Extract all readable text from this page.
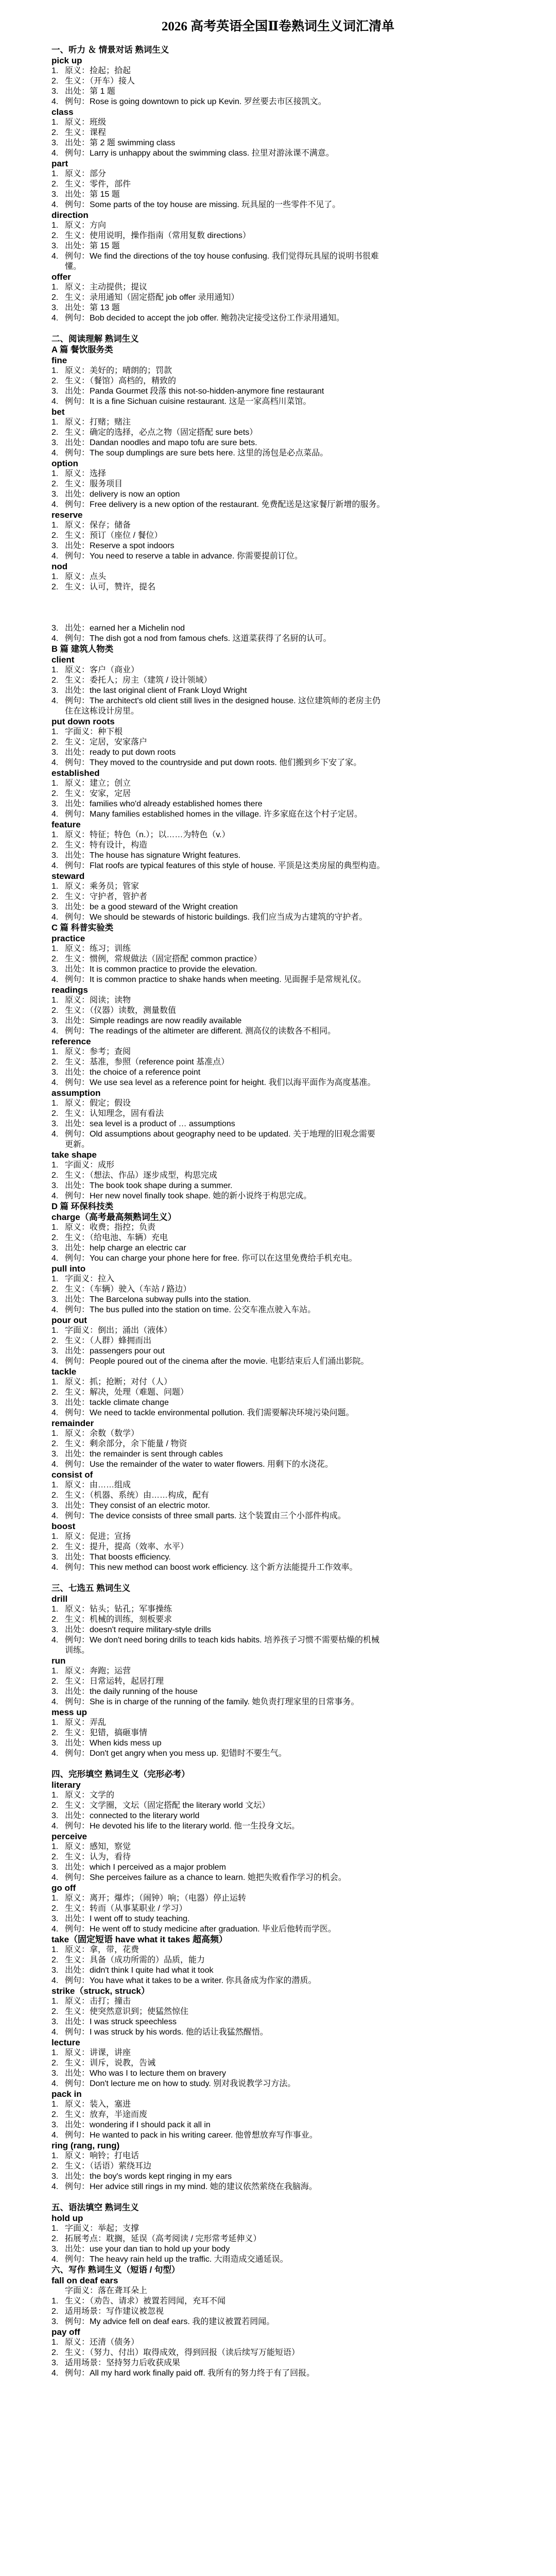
2026 高考英语全国Ⅱ卷熟词生义词汇清单
一、听力 ＆ 情景对话 熟词生义
pick up
1. 原义：捡起；拾起
2. 生义：（开车）接人
3. 出处：第 1 题
4. 例句：Rose is going downtown to pick up Kevin. 罗丝要去市区接凯文。
class
1. 原义：班级
2. 生义：课程
3. 出处：第 2 题 swimming class
4. 例句：Larry is unhappy about the swimming class. 拉里对游泳课不满意。
part
1. 原义：部分
2. 生义：零件，部件
3. 出处：第 15 题
4. 例句：Some parts of the toy house are missing. 玩具屋的一些零件不见了。
direction
1. 原义：方向
2. 生义：使用说明，操作指南（常用复数 directions）
3. 出处：第 15 题
4. 例句：We find the directions of the toy house confusing. 我们觉得玩具屋的说明书很难
懂。
offer
1. 原义：主动提供；提议
2. 生义：录用通知（固定搭配 job offer 录用通知）
3. 出处：第 13 题
4. 例句：Bob decided to accept the job offer. 鲍勃决定接受这份工作录用通知。
二、阅读理解 熟词生义
A 篇 餐饮服务类
fine
1. 原义：美好的；晴朗的；罚款
2. 生义：（餐馆）高档的，精致的
3. 出处：Panda Gourmet 段落 this not-so-hidden-anymore fine restaurant
4. 例句：It is a fine Sichuan cuisine restaurant. 这是一家高档川菜馆。
bet
1. 原义：打赌；赌注
2. 生义：确定的选择，必点之物（固定搭配 sure bets）
3. 出处：Dandan noodles and mapo tofu are sure bets.
4. 例句：The soup dumplings are sure bets here. 这里的汤包是必点菜品。
option
1. 原义：选择
2. 生义：服务项目
3. 出处：delivery is now an option
4. 例句：Free delivery is a new option of the restaurant. 免费配送是这家餐厅新增的服务。
reserve
1. 原义：保存；储备
2. 生义：预订（座位 / 餐位）
3. 出处：Reserve a spot indoors
4. 例句：You need to reserve a table in advance. 你需要提前订位。
nod
1. 原义：点头
2. 生义：认可，赞许，提名
3. 出处：earned her a Michelin nod
4. 例句：The dish got a nod from famous chefs. 这道菜获得了名厨的认可。
B 篇 建筑人物类
client
1. 原义：客户（商业）
2. 生义：委托人；房主（建筑 / 设计领域）
3. 出处：the last original client of Frank Lloyd Wright
4. 例句：The architect's old client still lives in the designed house. 这位建筑师的老房主仍
住在这栋设计房里。
put down roots
1. 字面义：种下根
2. 生义：定居，安家落户
3. 出处：ready to put down roots
4. 例句：They moved to the countryside and put down roots. 他们搬到乡下安了家。
established
1. 原义：建立；创立
2. 生义：安家，定居
3. 出处：families who'd already established homes there
4. 例句：Many families established homes in the village. 许多家庭在这个村子定居。
feature
1. 原义：特征；特色（n.）；以……为特色（v.）
2. 生义：特有设计，构造
3. 出处：The house has signature Wright features.
4. 例句：Flat roofs are typical features of this style of house. 平顶是这类房屋的典型构造。
steward
1. 原义：乘务员；管家
2. 生义：守护者，管护者
3. 出处：be a good steward of the Wright creation
4. 例句：We should be stewards of historic buildings. 我们应当成为古建筑的守护者。
C 篇 科普实验类
practice
1. 原义：练习；训练
2. 生义：惯例，常规做法（固定搭配 common practice）
3. 出处：It is common practice to provide the elevation.
4. 例句：It is common practice to shake hands when meeting. 见面握手是常规礼仪。
readings
1. 原义：阅读；读物
2. 生义：（仪器）读数，测量数值
3. 出处：Simple readings are now readily available
4. 例句：The readings of the altimeter are different. 测高仪的读数各不相同。
reference
1. 原义：参考；查阅
2. 生义：基准，参照（reference point 基准点）
3. 出处：the choice of a reference point
4. 例句：We use sea level as a reference point for height. 我们以海平面作为高度基准。
assumption
1. 原义：假定；假设
2. 生义：认知理念，固有看法
3. 出处：sea level is a product of … assumptions
4. 例句：Old assumptions about geography need to be updated. 关于地理的旧观念需要
更新。
take shape
1. 字面义：成形
2. 生义：（想法、作品）逐步成型，构思完成
3. 出处：The book took shape during a summer.
4. 例句：Her new novel finally took shape. 她的新小说终于构思完成。
D 篇 环保科技类
charge（高考最高频熟词生义）
1. 原义：收费；指控；负责
2. 生义：（给电池、车辆）充电
3. 出处：help charge an electric car
4. 例句：You can charge your phone here for free. 你可以在这里免费给手机充电。
pull into
1. 字面义：拉入
2. 生义：（车辆）驶入（车站 / 路边）
3. 出处：The Barcelona subway pulls into the station.
4. 例句：The bus pulled into the station on time. 公交车准点驶入车站。
pour out
1. 字面义：倒出；涌出（液体）
2. 生义：（人群）蜂拥而出
3. 出处：passengers pour out
4. 例句：People poured out of the cinema after the movie. 电影结束后人们涌出影院。
tackle
1. 原义：抓；抢断；对付（人）
2. 生义：解决，处理（难题、问题）
3. 出处：tackle climate change
4. 例句：We need to tackle environmental pollution. 我们需要解决环境污染问题。
remainder
1. 原义：余数（数学）
2. 生义：剩余部分，余下能量 / 物资
3. 出处：the remainder is sent through cables
4. 例句：Use the remainder of the water to water flowers. 用剩下的水浇花。
consist of
1. 原义：由……组成
2. 生义：（机器、系统）由……构成，配有
3. 出处：They consist of an electric motor.
4. 例句：The device consists of three small parts. 这个装置由三个小部件构成。
boost
1. 原义：促进；宣扬
2. 生义：提升，提高（效率、水平）
3. 出处：That boosts efficiency.
4. 例句：This new method can boost work efficiency. 这个新方法能提升工作效率。
三、七选五 熟词生义
drill
1. 原义：钻头；钻孔；军事操练
2. 生义：机械的训练，刻板要求
3. 出处：doesn't require military-style drills
4. 例句：We don't need boring drills to teach kids habits. 培养孩子习惯不需要枯燥的机械
训练。
run
1. 原义：奔跑；运营
2. 生义：日常运转，起居打理
3. 出处：the daily running of the house
4. 例句：She is in charge of the running of the family. 她负责打理家里的日常事务。
mess up
1. 原义：弄乱
2. 生义：犯错，搞砸事情
3. 出处：When kids mess up
4. 例句：Don't get angry when you mess up. 犯错时不要生气。
四、完形填空 熟词生义（完形必考）
literary
1. 原义：文学的
2. 生义：文学圈，文坛（固定搭配 the literary world 文坛）
3. 出处：connected to the literary world
4. 例句：He devoted his life to the literary world. 他一生投身文坛。
perceive
1. 原义：感知，察觉
2. 生义：认为，看待
3. 出处：which I perceived as a major problem
4. 例句：She perceives failure as a chance to learn. 她把失败看作学习的机会。
go off
1. 原义：离开；爆炸；（闹钟）响；（电器）停止运转
2. 生义：转而（从事某职业 / 学习）
3. 出处：I went off to study teaching.
4. 例句：He went off to study medicine after graduation. 毕业后他转而学医。
take（固定短语 have what it takes 超高频）
1. 原义：拿，带，花费
2. 生义：具备（成功所需的）品质，能力
3. 出处：didn't think I quite had what it took
4. 例句：You have what it takes to be a writer. 你具备成为作家的潜质。
strike（struck, struck）
1. 原义：击打；撞击
2. 生义：使突然意识到；使猛然惊住
3. 出处：I was struck speechless
4. 例句：I was struck by his words. 他的话让我猛然醒悟。
lecture
1. 原义：讲课，讲座
2. 生义：训斥，说教，告诫
3. 出处：Who was I to lecture them on bravery
4. 例句：Don't lecture me on how to study. 别对我说教学习方法。
pack in
1. 原义：装入，塞进
2. 生义：放弃，半途而废
3. 出处：wondering if I should pack it all in
4. 例句：He wanted to pack in his writing career. 他曾想放弃写作事业。
ring (rang, rung)
1. 原义：响铃；打电话
2. 生义：（话语）萦绕耳边
3. 出处：the boy's words kept ringing in my ears
4. 例句：Her advice still rings in my mind. 她的建议依然萦绕在我脑海。
五、语法填空 熟词生义
hold up
1. 字面义：举起；支撑
2. 拓展考点：耽搁，延误（高考阅读 / 完形常考延伸义）
3. 出处：use your dan tian to hold up your body
4. 例句：The heavy rain held up the traffic. 大雨造成交通延误。
六、写作 熟词生义（短语 / 句型）
fall on deaf ears
字面义：落在聋耳朵上
1. 生义：（劝告、请求）被置若罔闻，充耳不闻
2. 适用场景：写作建议被忽视
3. 例句：My advice fell on deaf ears. 我的建议被置若罔闻。
pay off
1. 原义：还清（债务）
2. 生义：（努力、付出）取得成效，得到回报（读后续写万能短语）
3. 适用场景：坚持努力后收获成果
4. 例句：All my hard work finally paid off. 我所有的努力终于有了回报。
